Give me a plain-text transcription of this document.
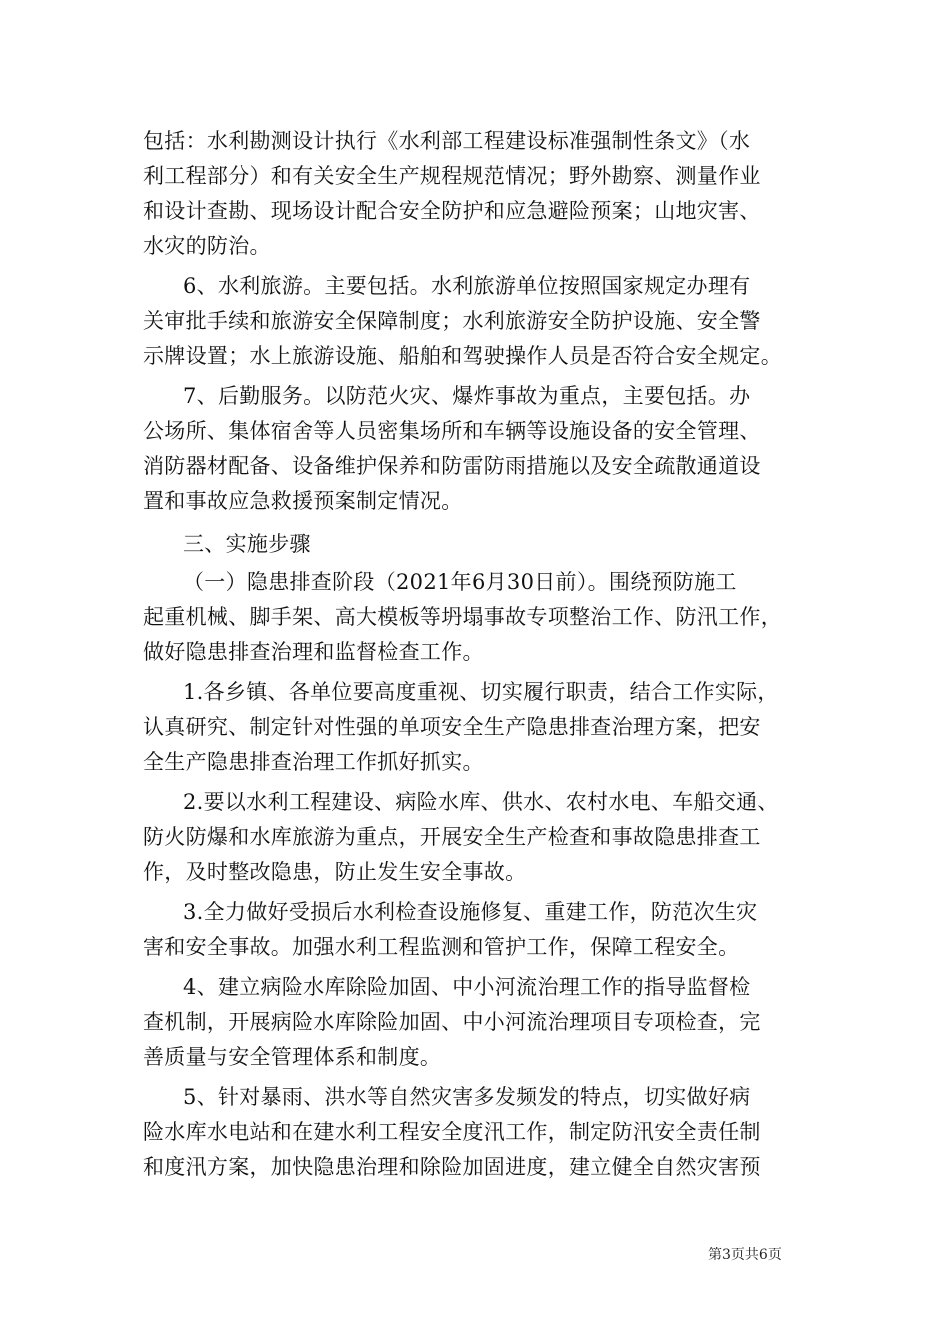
包括：水利勘测设计执行《水利部工程建设标准强制性条文》（水
利工程部分）和有关安全生产规程规范情况；野外勘察、测量作业
和设计查勘、现场设计配合安全防护和应急避险预案；山地灾害、
水灾的防治。
6、水利旅游。主要包括。水利旅游单位按照国家规定办理有
关审批手续和旅游安全保障制度；水利旅游安全防护设施、安全警
示牌设置；水上旅游设施、船舶和驾驶操作人员是否符合安全规定。
7、后勤服务。以防范火灾、爆炸事故为重点，主要包括。办
公场所、集体宿舍等人员密集场所和车辆等设施设备的安全管理、
消防器材配备、设备维护保养和防雷防雨措施以及安全疏散通道设
置和事故应急救援预案制定情况。
三、实施步骤
（一）隐患排查阶段（2021年6月30日前）。围绕预防施工
起重机械、脚手架、高大模板等坍塌事故专项整治工作、防汛工作，
做好隐患排查治理和监督检查工作。
1.各乡镇、各单位要高度重视、切实履行职责，结合工作实际，
认真研究、制定针对性强的单项安全生产隐患排查治理方案，把安
全生产隐患排查治理工作抓好抓实。
2.要以水利工程建设、病险水库、供水、农村水电、车船交通、
防火防爆和水库旅游为重点，开展安全生产检查和事故隐患排查工
作，及时整改隐患，防止发生安全事故。
3.全力做好受损后水利检查设施修复、重建工作，防范次生灾
害和安全事故。加强水利工程监测和管护工作，保障工程安全。
4、建立病险水库除险加固、中小河流治理工作的指导监督检
查机制，开展病险水库除险加固、中小河流治理项目专项检查，完
善质量与安全管理体系和制度。
5、针对暴雨、洪水等自然灾害多发频发的特点，切实做好病
险水库水电站和在建水利工程安全度汛工作，制定防汛安全责任制
和度汛方案，加快隐患治理和除险加固进度，建立健全自然灾害预
第3页共6页
